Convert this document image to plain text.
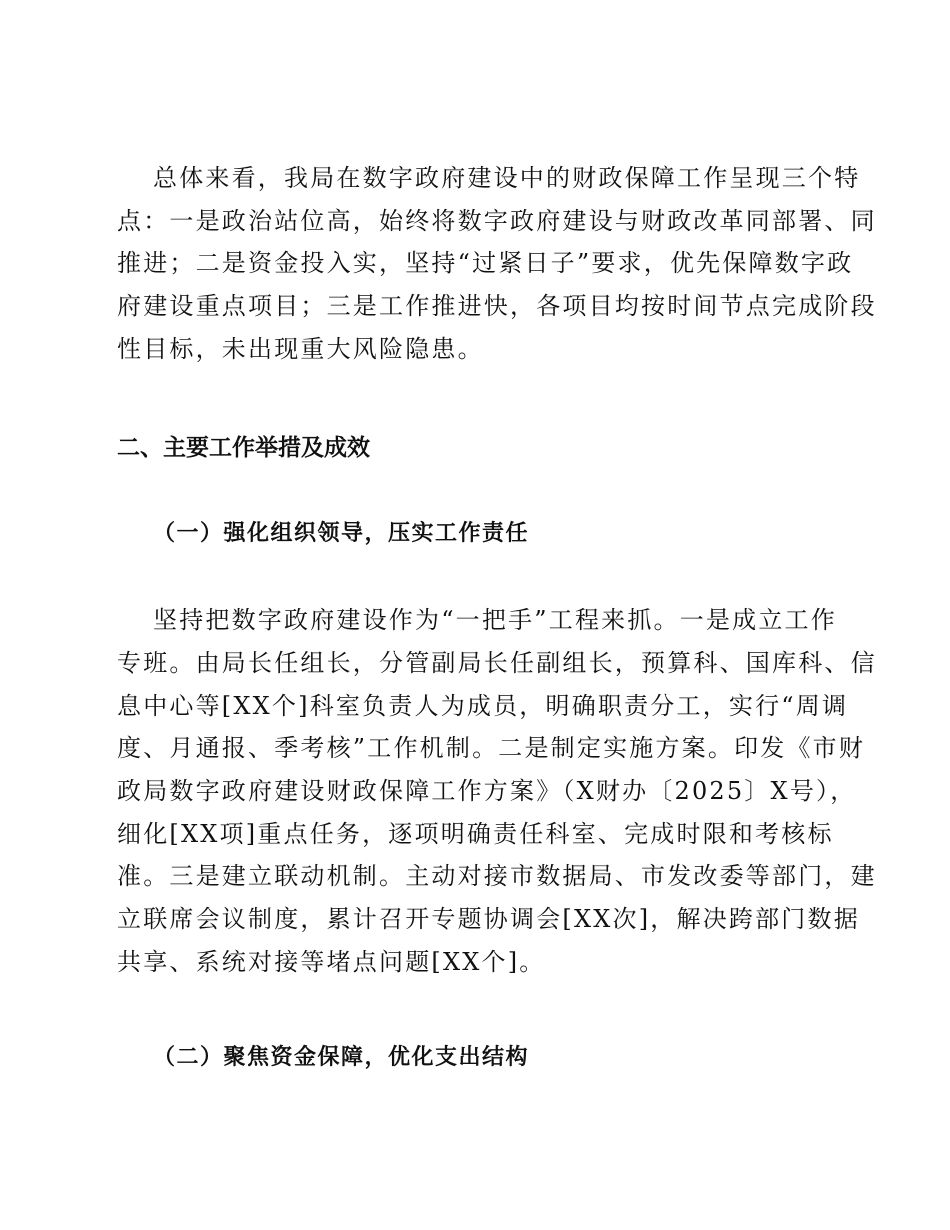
总体来看，我局在数字政府建设中的财政保障工作呈现三个特
点：一是政治站位高，始终将数字政府建设与财政改革同部署、同
推进；二是资金投入实，坚持“过紧日子”要求，优先保障数字政
府建设重点项目；三是工作推进快，各项目均按时间节点完成阶段
性目标，未出现重大风险隐患。
二、主要工作举措及成效
（一）强化组织领导，压实工作责任
坚持把数字政府建设作为“一把手”工程来抓。一是成立工作
专班。由局长任组长，分管副局长任副组长，预算科、国库科、信
息中心等[XX个]科室负责人为成员，明确职责分工，实行“周调
度、月通报、季考核”工作机制。二是制定实施方案。印发《市财
政局数字政府建设财政保障工作方案》（X财办〔2025〕X号），
细化[XX项]重点任务，逐项明确责任科室、完成时限和考核标
准。三是建立联动机制。主动对接市数据局、市发改委等部门，建
立联席会议制度，累计召开专题协调会[XX次]，解决跨部门数据
共享、系统对接等堵点问题[XX个]。
（二）聚焦资金保障，优化支出结构
